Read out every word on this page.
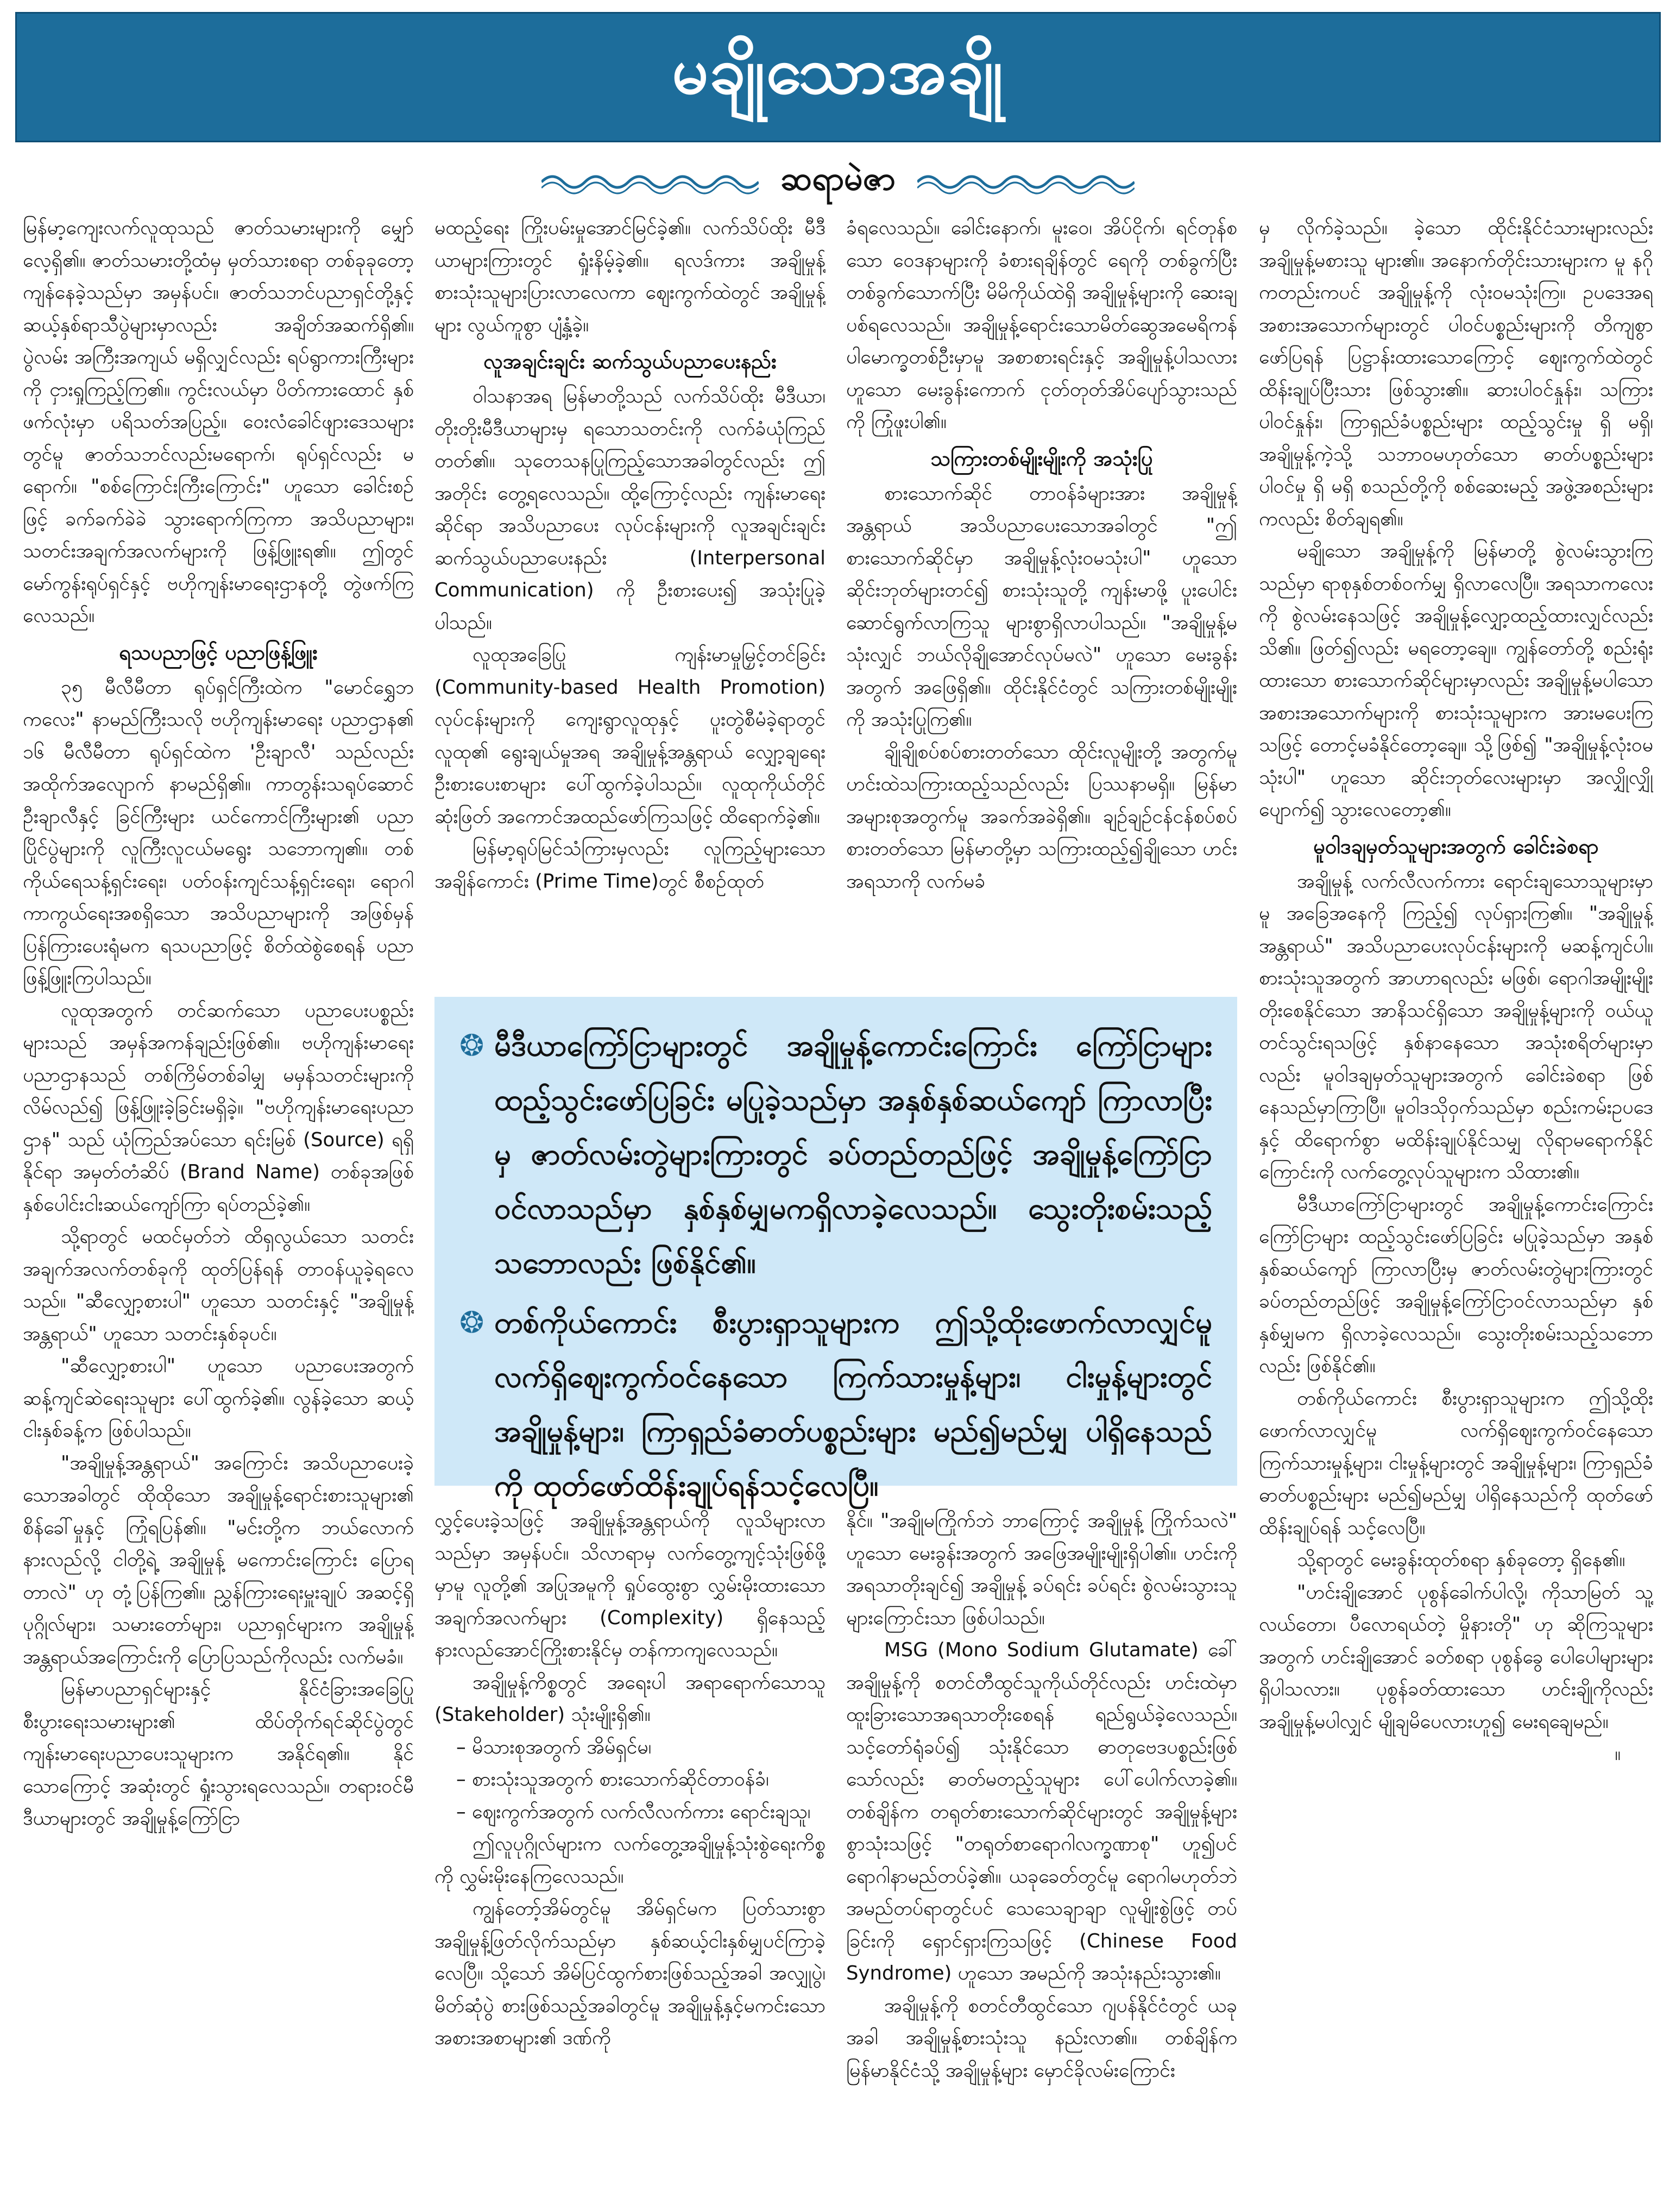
မချိုသောအချို
ဆရာမဲဇာ

မြန်မာ့ကျေးလက်လူထုသည် ဇာတ်သမားများကို မျှော်လေ့ရှိ၏။ ဇာတ်သမားတို့ထံမှ မှတ်သားစရာ တစ်ခုခုတော့ ကျန်နေခဲ့သည်မှာ အမှန်ပင်။ ဇာတ်သဘင်ပညာရှင်တို့နှင့် ဆယ့်နှစ်ရာသီပွဲများမှာလည်း အချိတ်အဆက်ရှိ၏။ ပွဲလမ်း အကြီးအကျယ် မရှိလျှင်လည်း ရပ်ရွာကားကြီးများကို ငှားရှုကြည့်ကြ၏။ ကွင်းလယ်မှာ ပိတ်ကားထောင် နှစ်ဖက်လုံးမှာ ပရိသတ်အပြည့်။ ဝေးလံခေါင်ဖျားဒေသများတွင်မူ ဇာတ်သဘင်လည်းမရောက်၊ ရုပ်ရှင်လည်း မရောက်။ "စစ်ကြောင်းကြီးကြောင်း" ဟူသော ခေါင်းစဉ်ဖြင့် ခက်ခက်ခဲခဲ သွားရောက်ကြကာ အသိပညာများ၊ သတင်းအချက်အလက်များကို ဖြန့်ဖြူးရ၏။ ဤတွင် မော်ကွန်းရုပ်ရှင်နှင့် ဗဟိုကျန်းမာရေးဌာနတို့ တွဲဖက်ကြလေသည်။

ရသပညာဖြင့် ပညာဖြန့်ဖြူး

၃၅ မီလီမီတာ ရုပ်ရှင်ကြီးထဲက "မောင်ရွှေဘကလေး" နာမည်ကြီးသလို ဗဟိုကျန်းမာရေး ပညာဌာန၏ ၁၆ မီလီမီတာ ရုပ်ရှင်ထဲက 'ဦးချာလီ' သည်လည်း အထိုက်အလျောက် နာမည်ရှိ၏။ ကာတွန်းသရုပ်ဆောင် ဦးချာလီနှင့် ခြင်ကြီးများ ယင်ကောင်ကြီးများ၏ ပညာပြိုင်ပွဲများကို လူကြီးလူငယ်မရွေး သဘောကျ၏။ တစ်ကိုယ်ရေသန့်ရှင်းရေး၊ ပတ်ဝန်းကျင်သန့်ရှင်းရေး၊ ရောဂါကာကွယ်ရေးအစရှိသော အသိပညာများကို အဖြစ်မှန် ပြန်ကြားပေးရုံမက ရသပညာဖြင့် စိတ်ထဲစွဲစေရန် ပညာဖြန့်ဖြူးကြပါသည်။

လူထုအတွက် တင်ဆက်သော ပညာပေးပစ္စည်းများသည် အမှန်အကန်ချည်းဖြစ်၏။ ဗဟိုကျန်းမာရေးပညာဌာနသည် တစ်ကြိမ်တစ်ခါမျှ မမှန်သတင်းများကို လိမ်လည်၍ ဖြန့်ဖြူးခဲ့ခြင်းမရှိခဲ့။ "ဗဟိုကျန်းမာရေးပညာဌာန" သည် ယုံကြည်အပ်သော ရင်းမြစ် (Source) ရရှိနိုင်ရာ အမှတ်တံဆိပ် (Brand Name) တစ်ခုအဖြစ် နှစ်ပေါင်းငါးဆယ်ကျော်ကြာ ရပ်တည်ခဲ့၏။

သို့ရာတွင် မထင်မှတ်ဘဲ ထိရှလွယ်သော သတင်းအချက်အလက်တစ်ခုကို ထုတ်ပြန်ရန် တာဝန်ယူခဲ့ရလေသည်။ "ဆီလျှော့စားပါ" ဟူသော သတင်းနှင့် "အချိုမှုန့်အန္တရာယ်" ဟူသော သတင်းနှစ်ခုပင်။

"ဆီလျှော့စားပါ" ဟူသော ပညာပေးအတွက် ဆန့်ကျင်ဆဲရေးသူများ ပေါ်ထွက်ခဲ့၏။ လွန်ခဲ့သော ဆယ့်ငါးနှစ်ခန့်က ဖြစ်ပါသည်။

"အချိုမှုန့်အန္တရာယ်" အကြောင်း အသိပညာပေးခဲ့သောအခါတွင် ထိုထိုသော အချိုမှုန့်ရောင်းစားသူများ၏ စိန်ခေါ်မှုနှင့် ကြုံရပြန်၏။ "မင်းတို့က ဘယ်လောက်နားလည်လို့ ငါတို့ရဲ့ အချိုမှုန့် မကောင်းကြောင်း ပြောရတာလဲ" ဟု တုံ့ပြန်ကြ၏။ ညွှန်ကြားရေးမှူးချုပ် အဆင့်ရှိ ပုဂ္ဂိုလ်များ၊ သမားတော်များ၊ ပညာရှင်များက အချိုမှုန့်အန္တရာယ်အကြောင်းကို ပြောပြသည်ကိုလည်း လက်မခံ။

မြန်မာပညာရှင်များနှင့် နိုင်ငံခြားအခြေပြု စီးပွားရေးသမားများ၏ ထိပ်တိုက်ရင်ဆိုင်ပွဲတွင် ကျန်းမာရေးပညာပေးသူများက အနိုင်ရ၏။ နိုင်သောကြောင့် အဆုံးတွင် ရှုံးသွားရလေသည်။ တရားဝင်မီဒီယာများတွင် အချိုမှုန့်ကြော်ငြာ

မထည့်ရေး ကြိုးပမ်းမှုအောင်မြင်ခဲ့၏။ လက်သိပ်ထိုး မီဒီယာများကြားတွင် ရှုံးနိမ့်ခဲ့၏။ ရလဒ်ကား အချိုမှုန့်စားသုံးသူများပြားလာလေကာ ဈေးကွက်ထဲတွင် အချိုမှုန့်များ လွယ်ကူစွာ ပျံ့နှံ့ခဲ့။

လူအချင်းချင်း ဆက်သွယ်ပညာပေးနည်း

ဝါသနာအရ မြန်မာတို့သည် လက်သိပ်ထိုး မီဒီယာ၊ တိုးတိုးမီဒီယာများမှ ရသောသတင်းကို လက်ခံယုံကြည်တတ်၏။ သုတေသနပြုကြည့်သောအခါတွင်လည်း ဤအတိုင်း တွေ့ရလေသည်။ ထို့ကြောင့်လည်း ကျန်းမာရေးဆိုင်ရာ အသိပညာပေး လုပ်ငန်းများကို လူအချင်းချင်း ဆက်သွယ်ပညာပေးနည်း (Interpersonal Communication) ကို ဦးစားပေး၍ အသုံးပြုခဲ့ပါသည်။

လူထုအခြေပြု ကျန်းမာမှုမြှင့်တင်ခြင်း (Community-based Health Promotion) လုပ်ငန်းများကို ကျေးရွာလူထုနှင့် ပူးတွဲစီမံခဲ့ရာတွင် လူထု၏ ရွေးချယ်မှုအရ အချိုမှုန့်အန္တရာယ် လျှော့ချရေး ဦးစားပေးစာများ ပေါ်ထွက်ခဲ့ပါသည်။ လူထုကိုယ်တိုင် ဆုံးဖြတ် အကောင်အထည်ဖော်ကြသဖြင့် ထိရောက်ခဲ့၏။

မြန်မာ့ရုပ်မြင်သံကြားမှလည်း လူကြည့်များသော အချိန်ကောင်း (Prime Time)တွင် စီစဉ်ထုတ်

ခံရလေသည်။ ခေါင်းနောက်၊ မူးဝေ၊ အိပ်ငိုက်၊ ရင်တုန်စသော ဝေဒနာများကို ခံစားရချိန်တွင် ရေကို တစ်ခွက်ပြီးတစ်ခွက်သောက်ပြီး မိမိကိုယ်ထဲရှိ အချိုမှုန့်များကို ဆေးချပစ်ရလေသည်။ အချိုမှုန့်ရောင်းသောမိတ်ဆွေအမေရိကန်ပါမောက္ခတစ်ဦးမှာမူ အစာစားရင်းနှင့် အချိုမှုန့်ပါသလားဟူသော မေးခွန်းကောက် ငုတ်တုတ်အိပ်ပျော်သွားသည်ကို ကြုံဖူးပါ၏။

သကြားတစ်မျိုးမျိုးကို အသုံးပြု

စားသောက်ဆိုင် တာဝန်ခံများအား အချိုမှုန့်အန္တရာယ် အသိပညာပေးသောအခါတွင် "ဤစားသောက်ဆိုင်မှာ အချိုမှုန့်လုံးဝမသုံးပါ" ဟူသော ဆိုင်းဘုတ်များတင်၍ စားသုံးသူတို့ ကျန်းမာဖို့ ပူးပေါင်းဆောင်ရွက်လာကြသူ များစွာရှိလာပါသည်။ "အချိုမှုန့်မသုံးလျှင် ဘယ်လိုချိုအောင်လုပ်မလဲ" ဟူသော မေးခွန်းအတွက် အဖြေရှိ၏။ ထိုင်းနိုင်ငံတွင် သကြားတစ်မျိုးမျိုးကို အသုံးပြုကြ၏။

ချိုချိုစပ်စပ်စားတတ်သော ထိုင်းလူမျိုးတို့ အတွက်မူ ဟင်းထဲသကြားထည့်သည်လည်း ပြဿနာမရှိ။ မြန်မာအများစုအတွက်မူ အခက်အခဲရှိ၏။ ချဉ်ချဉ်ငန်ငန်စပ်စပ်စားတတ်သော မြန်မာတို့မှာ သကြားထည့်၍ချိုသော ဟင်းအရသာကို လက်မခံ

❂ မီဒီယာကြော်ငြာများတွင် အချိုမှုန့်ကောင်းကြောင်း ကြော်ငြာများ ထည့်သွင်းဖော်ပြခြင်း မပြုခဲ့သည်မှာ အနှစ်နှစ်ဆယ်ကျော် ကြာလာပြီးမှ ဇာတ်လမ်းတွဲများကြားတွင် ခပ်တည်တည်ဖြင့် အချိုမှုန့်ကြော်ငြာဝင်လာသည်မှာ နှစ်နှစ်မျှမကရှိလာခဲ့လေသည်။ သွေးတိုးစမ်းသည့်သဘောလည်း ဖြစ်နိုင်၏။
❂ တစ်ကိုယ်ကောင်း စီးပွားရှာသူများက ဤသို့ထိုးဖောက်လာလျှင်မူ လက်ရှိဈေးကွက်ဝင်နေသော ကြက်သားမှုန့်များ၊ ငါးမှုန့်များတွင် အချိုမှုန့်များ၊ ကြာရှည်ခံဓာတ်ပစ္စည်းများ မည်၍မည်မျှ ပါရှိနေသည်ကို ထုတ်ဖော်ထိန်းချုပ်ရန်သင့်လေပြီ။

လွှင့်ပေးခဲ့သဖြင့် အချိုမှုန့်အန္တရာယ်ကို လူသိများလာသည်မှာ အမှန်ပင်။ သိလာရာမှ လက်တွေ့ကျင့်သုံးဖြစ်ဖို့မှာမူ လူတို့၏ အပြုအမူကို ရှုပ်ထွေးစွာ လွှမ်းမိုးထားသော အချက်အလက်များ (Complexity) ရှိနေသည့် နားလည်အောင်ကြိုးစားနိုင်မှ တန်ကာကျလေသည်။

အချိုမှုန့်ကိစ္စတွင် အရေးပါ အရာရောက်သောသူ (Stakeholder) သုံးမျိုးရှိ၏။

– မိသားစုအတွက် အိမ်ရှင်မ၊
– စားသုံးသူအတွက် စားသောက်ဆိုင်တာဝန်ခံ၊
– ဈေးကွက်အတွက် လက်လီလက်ကား ရောင်းချသူ၊

ဤလူပုဂ္ဂိုလ်များက လက်တွေ့အချိုမှုန့်သုံးစွဲရေးကိစ္စကို လွှမ်းမိုးနေကြလေသည်။

ကျွန်တော့်အိမ်တွင်မူ အိမ်ရှင်မက ပြတ်သားစွာ အချိုမှုန့်ဖြတ်လိုက်သည်မှာ နှစ်ဆယ့်ငါးနှစ်မျှပင်ကြာခဲ့လေပြီ။ သို့သော် အိမ်ပြင်ထွက်စားဖြစ်သည့်အခါ အလျှုပွဲ၊ မိတ်ဆုံပွဲ စားဖြစ်သည့်အခါတွင်မူ အချိုမှုန့်နှင့်မကင်းသော အစားအစာများ၏ ဒဏ်ကို

နိုင်။ "အချိုမကြိုက်ဘဲ ဘာကြောင့် အချိုမှုန့် ကြိုက်သလဲ" ဟူသော မေးခွန်းအတွက် အဖြေအမျိုးမျိုးရှိပါ၏။ ဟင်းကို အရသာတိုးချင်၍ အချိုမှုန့် ခပ်ရင်း ခပ်ရင်း စွဲလမ်းသွားသူ များကြောင်းသာ ဖြစ်ပါသည်။

MSG (Mono Sodium Glutamate) ခေါ် အချိုမှုန့်ကို စတင်တီထွင်သူကိုယ်တိုင်လည်း ဟင်းထဲမှာ ထူးခြားသောအရသာတိုးစေရန် ရည်ရွယ်ခဲ့လေသည်။ သင့်တော်ရုံခပ်၍ သုံးနိုင်သော ဓာတုဗေဒပစ္စည်းဖြစ်သော်လည်း ဓာတ်မတည့်သူများ ပေါ်ပေါက်လာခဲ့၏။ တစ်ချိန်က တရုတ်စားသောက်ဆိုင်များတွင် အချိုမှုန့်များစွာသုံးသဖြင့် "တရုတ်စာရောဂါလက္ခဏာစု" ဟူ၍ပင် ရောဂါနာမည်တပ်ခဲ့၏။ ယခုခေတ်တွင်မူ ရောဂါမဟုတ်ဘဲ အမည်တပ်ရာတွင်ပင် သေသေချာချာ လူမျိုးစွဲဖြင့် တပ်ခြင်းကို ရှောင်ရှားကြသဖြင့် (Chinese Food Syndrome) ဟူသော အမည်ကို အသုံးနည်းသွား၏။

အချိုမှုန့်ကို စတင်တီထွင်သော ဂျပန်နိုင်ငံတွင် ယခုအခါ အချိုမှုန့်စားသုံးသူ နည်းလာ၏။ တစ်ချိန်က မြန်မာနိုင်ငံသို့ အချိုမှုန့်များ မှောင်ခိုလမ်းကြောင်း

မှ လိုက်ခဲ့သည်။ ခဲ့သော ထိုင်းနိုင်ငံသားများလည်း အချိုမှုန့်မစားသူ များ၏။ အနောက်တိုင်းသားများက မူ နဂိုကတည်းကပင် အချိုမှုန့်ကို လုံးဝမသုံးကြ။ ဥပဒေအရ အစားအသောက်များတွင် ပါဝင်ပစ္စည်းများကို တိကျစွာဖော်ပြရန် ပြဋ္ဌာန်းထားသောကြောင့် ဈေးကွက်ထဲတွင် ထိန်းချုပ်ပြီးသား ဖြစ်သွား၏။ ဆားပါဝင်နှုန်း၊ သကြားပါဝင်နှုန်း၊ ကြာရှည်ခံပစ္စည်းများ ထည့်သွင်းမှု ရှိ မရှိ၊ အချိုမှုန့်ကဲ့သို့ သဘာဝမဟုတ်သော ဓာတ်ပစ္စည်းများ ပါဝင်မှု ရှိ မရှိ စသည်တို့ကို စစ်ဆေးမည့် အဖွဲ့အစည်းများကလည်း စိတ်ချရ၏။

မချိုသော အချိုမှုန့်ကို မြန်မာတို့ စွဲလမ်းသွားကြသည်မှာ ရာစုနှစ်တစ်ဝက်မျှ ရှိလာလေပြီ။ အရသာကလေးကို စွဲလမ်းနေသဖြင့် အချိုမှုန့်လျှော့ထည့်ထားလျှင်လည်း သိ၏။ ဖြတ်၍လည်း မရတော့ချေ။ ကျွန်တော်တို့ စည်းရုံးထားသော စားသောက်ဆိုင်များမှာလည်း အချိုမှုန့်မပါသော အစားအသောက်များကို စားသုံးသူများက အားမပေးကြသဖြင့် တောင့်မခံနိုင်တော့ချေ။ သို့ဖြစ်၍ "အချိုမှုန့်လုံးဝမသုံးပါ" ဟူသော ဆိုင်းဘုတ်လေးများမှာ အလျှိုလျှိုပျောက်၍ သွားလေတော့၏။

မူဝါဒချမှတ်သူများအတွက် ခေါင်းခဲစရာ

အချိုမှုန့် လက်လီလက်ကား ရောင်းချသောသူများမှာမူ အခြေအနေကို ကြည့်၍ လုပ်ရှားကြ၏။ "အချိုမှုန့်အန္တရာယ်" အသိပညာပေးလုပ်ငန်းများကို မဆန့်ကျင်ပါ။ စားသုံးသူအတွက် အာဟာရလည်း မဖြစ်၊ ရောဂါအမျိုးမျိုး တိုးစေနိုင်သော အာနိသင်ရှိသော အချိုမှုန့်များကို ဝယ်ယူတင်သွင်းရသဖြင့် နှစ်နာနေသော အသုံးစရိတ်များမှာလည်း မူဝါဒချမှတ်သူများအတွက် ခေါင်းခဲစရာ ဖြစ်နေသည်မှာကြာပြီ။ မူဝါဒသိုဝှက်သည်မှာ စည်းကမ်းဥပဒေနှင့် ထိရောက်စွာ မထိန်းချုပ်နိုင်သမျှ လိုရာမရောက်နိုင်ကြောင်းကို လက်တွေ့လုပ်သူများက သိထား၏။

မီဒီယာကြော်ငြာများတွင် အချိုမှုန့်ကောင်းကြောင်း ကြော်ငြာများ ထည့်သွင်းဖော်ပြခြင်း မပြုခဲ့သည်မှာ အနှစ်နှစ်ဆယ်ကျော် ကြာလာပြီးမှ ဇာတ်လမ်းတွဲများကြားတွင် ခပ်တည်တည်ဖြင့် အချိုမှုန့်ကြော်ငြာဝင်လာသည်မှာ နှစ်နှစ်မျှမက ရှိလာခဲ့လေသည်။ သွေးတိုးစမ်းသည့်သဘောလည်း ဖြစ်နိုင်၏။

တစ်ကိုယ်ကောင်း စီးပွားရှာသူများက ဤသို့ထိုးဖောက်လာလျှင်မူ လက်ရှိဈေးကွက်ဝင်နေသော ကြက်သားမှုန့်များ၊ ငါးမှုန့်များတွင် အချိုမှုန့်များ၊ ကြာရှည်ခံဓာတ်ပစ္စည်းများ မည်၍မည်မျှ ပါရှိနေသည်ကို ထုတ်ဖော်ထိန်းချုပ်ရန် သင့်လေပြီ။

သို့ရာတွင် မေးခွန်းထုတ်စရာ နှစ်ခုတော့ ရှိနေ၏။

"ဟင်းချိုအောင် ပုစွန်ခေါက်ပါလို့၊ ကိုသာမြတ် သူ့လယ်တော၊ ပီလောရယ်တဲ့ မှိုနားတို" ဟု ဆိုကြသူများအတွက် ဟင်းချိုအောင် ခတ်စရာ ပုစွန်ခွေ ပေါပေါများများ ရှိပါသလား။ ပုစွန်ခတ်ထားသော ဟင်းချိုကိုလည်း အချိုမှုန့်မပါလျှင် မျိုချမိပေလားဟူ၍ မေးရချေမည်။

။
